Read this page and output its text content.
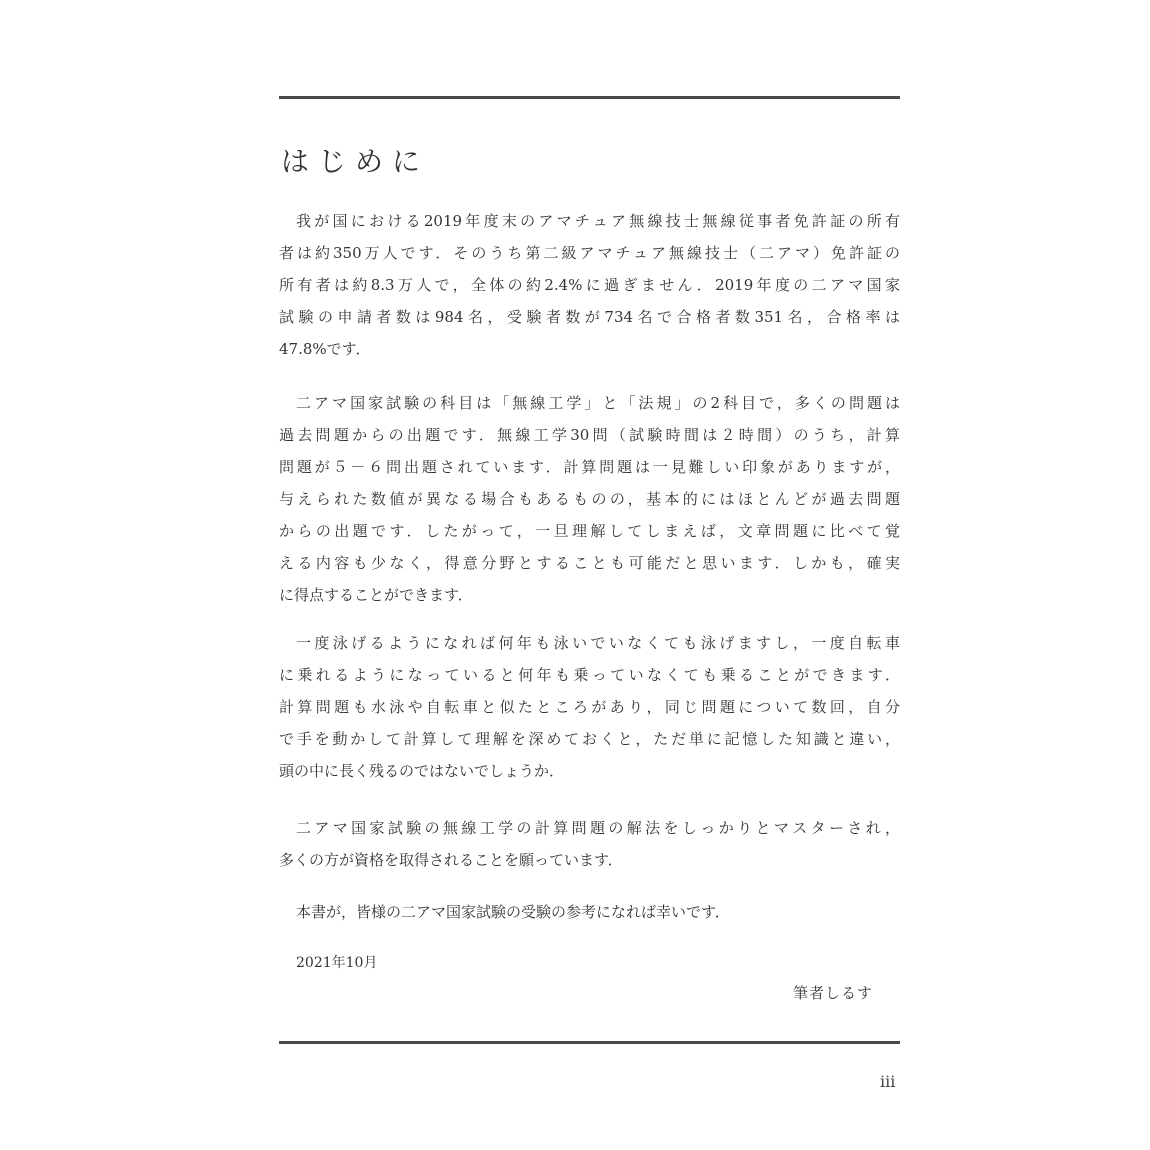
はじめに
我が国における2019年度末のアマチュア無線技士無線従事者免許証の所有
者は約350万人です．そのうち第二級アマチュア無線技士（二アマ）免許証の
所有者は約8.3万人で，全体の約2.4%に過ぎません．2019年度の二アマ国家
試験の申請者数は984名，受験者数が734名で合格者数351名，合格率は
47.8%です．
二アマ国家試験の科目は「無線工学」と「法規」の2科目で，多くの問題は
過去問題からの出題です．無線工学30問（試験時間は２時間）のうち，計算
問題が５－６問出題されています．計算問題は一見難しい印象がありますが，
与えられた数値が異なる場合もあるものの，基本的にはほとんどが過去問題
からの出題です．したがって，一旦理解してしまえば，文章問題に比べて覚
える内容も少なく，得意分野とすることも可能だと思います．しかも，確実
に得点することができます．
一度泳げるようになれば何年も泳いでいなくても泳げますし，一度自転車
に乗れるようになっていると何年も乗っていなくても乗ることができます．
計算問題も水泳や自転車と似たところがあり，同じ問題について数回，自分
で手を動かして計算して理解を深めておくと，ただ単に記憶した知識と違い，
頭の中に長く残るのではないでしょうか．
二アマ国家試験の無線工学の計算問題の解法をしっかりとマスターされ，
多くの方が資格を取得されることを願っています．
本書が，皆様の二アマ国家試験の受験の参考になれば幸いです．
2021年10月
筆者しるす
iii
